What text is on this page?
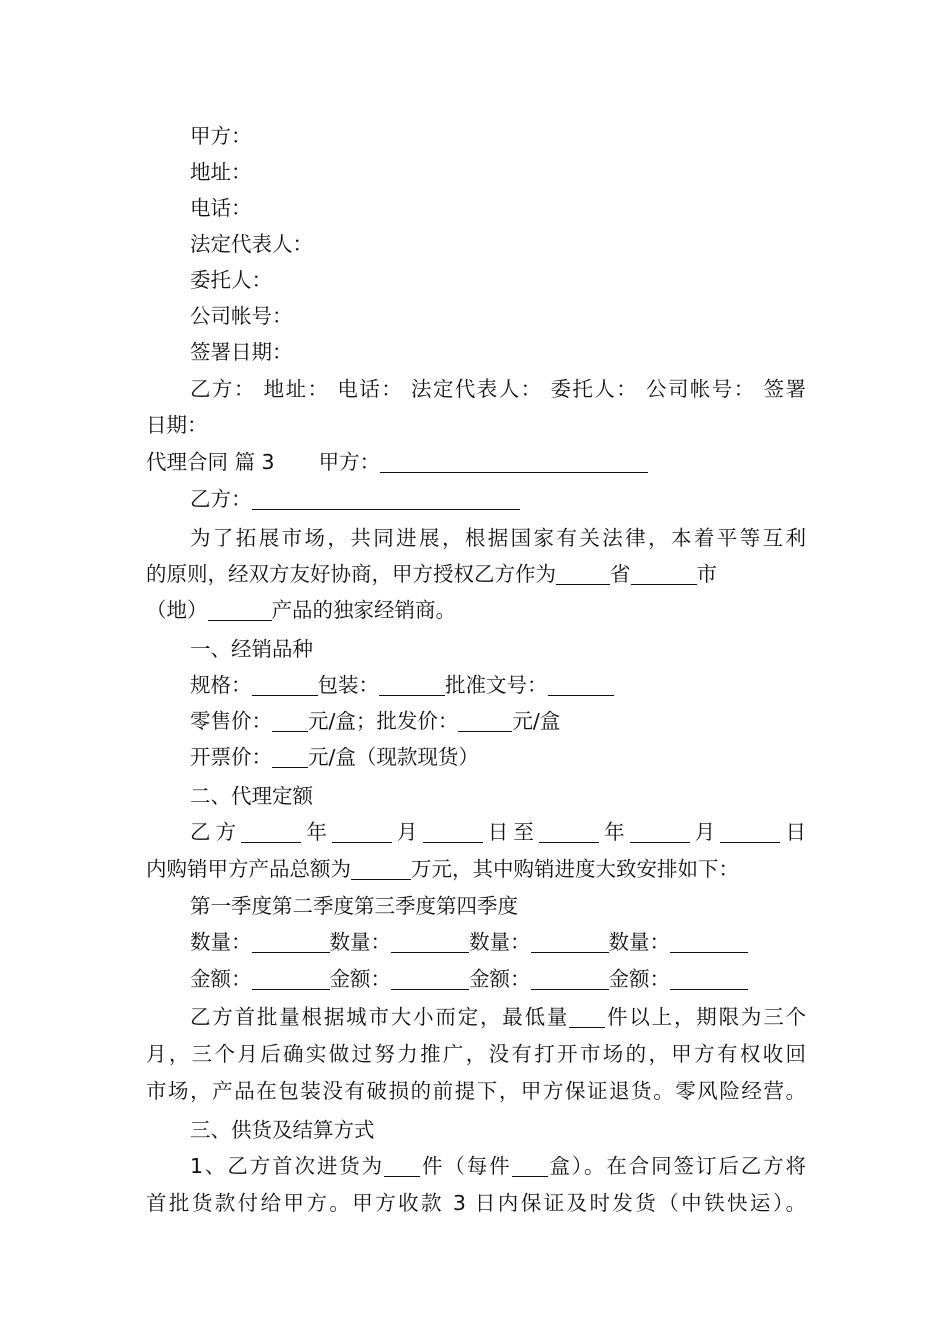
甲方：
地址：
电话：
法定代表人：
委托人：
公司帐号：
签署日期：
乙方： 地址： 电话： 法定代表人： 委托人： 公司帐号： 签署
日期：
代理合同 篇 3 甲方：
乙方：
为了拓展市场，共同进展，根据国家有关法律，本着平等互利
的原则，经双方友好协商，甲方授权乙方作为	省	市
（地）	产品的独家经销商。
一、经销品种
规格：	包装：	批准文号：
零售价： 元/盒；批发价：	元/盒
开票价： 元/盒（现款现货）
二、代理定额
乙方	年	月	日至	年	月	日
内购销甲方产品总额为	万元，其中购销进度大致安排如下：
第一季度第二季度第三季度第四季度
数量：	数量：	数量：	数量：
金额：	金额：	金额：	金额：
乙方首批量根据城市大小而定，最低量 件以上，期限为三个
月，三个月后确实做过努力推广，没有打开市场的，甲方有权收回
市场，产品在包装没有破损的前提下，甲方保证退货。零风险经营。
三、供货及结算方式
1、乙方首次进货为 件（每件 盒）。在合同签订后乙方将
首批货款付给甲方。甲方收款 3 日内保证及时发货（中铁快运）。
